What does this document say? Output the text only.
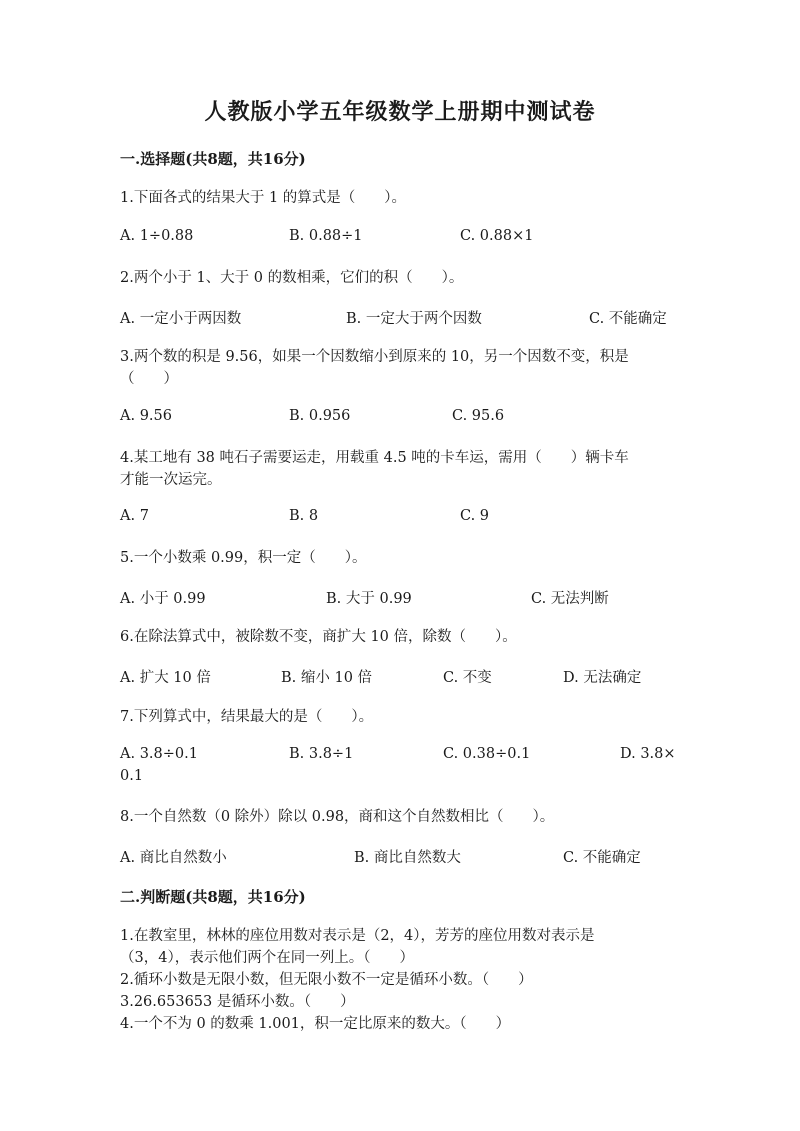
人教版小学五年级数学上册期中测试卷
一.选择题(共8题，共16分)
1.下面各式的结果大于 1 的算式是（　　）。
A. 1÷0.88	B. 0.88÷1	C. 0.88×1
2.两个小于 1、大于 0 的数相乘，它们的积（　　）。
A. 一定小于两因数	B. 一定大于两个因数	C. 不能确定
3.两个数的积是 9.56，如果一个因数缩小到原来的 10，另一个因数不变，积是
（　　）
A. 9.56	B. 0.956	C. 95.6
4.某工地有 38 吨石子需要运走，用载重 4.5 吨的卡车运，需用（　　）辆卡车
才能一次运完。
A. 7	B. 8	C. 9
5.一个小数乘 0.99，积一定（　　）。
A. 小于 0.99	B. 大于 0.99	C. 无法判断
6.在除法算式中，被除数不变，商扩大 10 倍，除数（　　）。
A. 扩大 10 倍	B. 缩小 10 倍	C. 不变	D. 无法确定
7.下列算式中，结果最大的是（　　）。
A. 3.8÷0.1	B. 3.8÷1	C. 0.38÷0.1	D. 3.8×
0.1
8.一个自然数（0 除外）除以 0.98，商和这个自然数相比（　　）。
A. 商比自然数小	B. 商比自然数大	C. 不能确定
二.判断题(共8题，共16分)
1.在教室里，林林的座位用数对表示是（2，4），芳芳的座位用数对表示是
（3，4），表示他们两个在同一列上。（　　）
2.循环小数是无限小数，但无限小数不一定是循环小数。（　　）
3.26.653653 是循环小数。（　　）
4.一个不为 0 的数乘 1.001，积一定比原来的数大。（　　）
